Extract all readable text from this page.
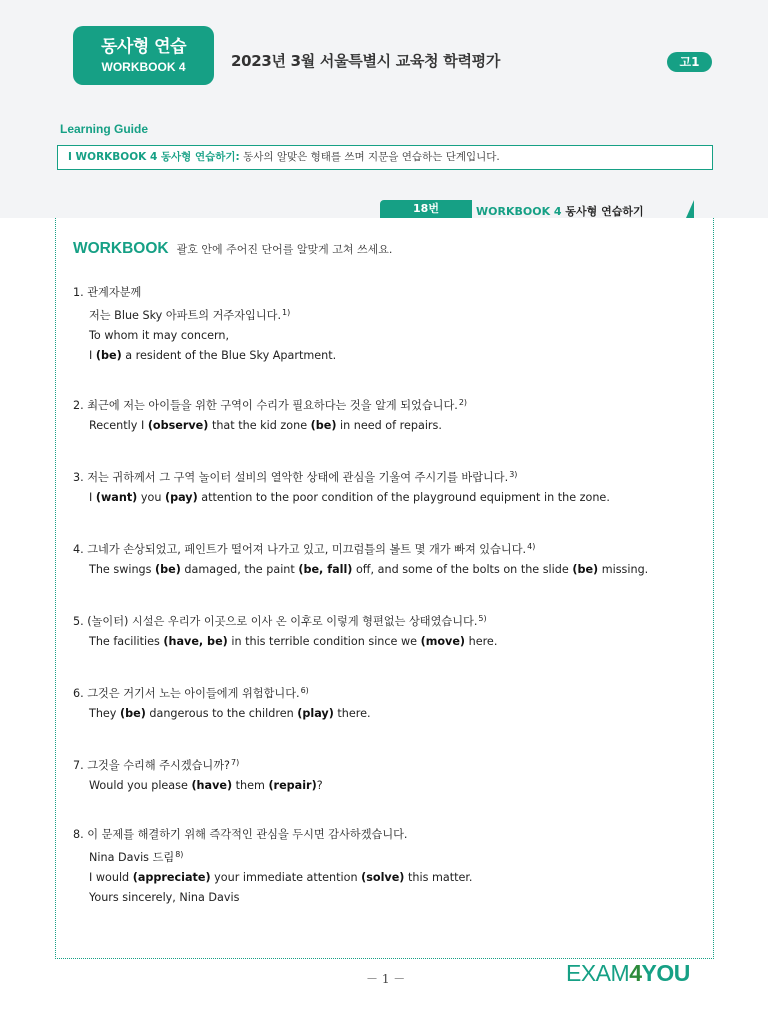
동사형 연습
WORKBOOK 4	2023년 3월 서울특별시 교육청 학력평가	고1
Learning Guide
Ⅰ WORKBOOK 4 동사형 연습하기: 동사의 알맞은 형태를 쓰며 지문을 연습하는 단계입니다.
18번	WORKBOOK 4 동사형 연습하기
WORKBOOK 괄호 안에 주어진 단어를 알맞게 고쳐 쓰세요.
1. 관계자분께
저는 Blue Sky 아파트의 거주자입니다.$^{1)}$
To whom it may concern,
I (be) a resident of the Blue Sky Apartment.
2. 최근에 저는 아이들을 위한 구역이 수리가 필요하다는 것을 알게 되었습니다.$^{2)}$
Recently I (observe) that the kid zone (be) in need of repairs.
3. 저는 귀하께서 그 구역 놀이터 설비의 열악한 상태에 관심을 기울여 주시기를 바랍니다.$^{3)}$
I (want) you (pay) attention to the poor condition of the playground equipment in the zone.
4. 그네가 손상되었고, 페인트가 떨어져 나가고 있고, 미끄럼틀의 볼트 몇 개가 빠져 있습니다.$^{4)}$
The swings (be) damaged, the paint (be, fall) off, and some of the bolts on the slide (be) missing.
5. (놀이터) 시설은 우리가 이곳으로 이사 온 이후로 이렇게 형편없는 상태였습니다.$^{5)}$
The facilities (have, be) in this terrible condition since we (move) here.
6. 그것은 거기서 노는 아이들에게 위험합니다.$^{6)}$
They (be) dangerous to the children (play) there.
7. 그것을 수리해 주시겠습니까?$^{7)}$
Would you please (have) them (repair)?
8. 이 문제를 해결하기 위해 즉각적인 관심을 두시면 감사하겠습니다.
Nina Davis 드림$^{8)}$
I would (appreciate) your immediate attention (solve) this matter.
Yours sincerely, Nina Davis
－ 1 －	EXAM4YOU
